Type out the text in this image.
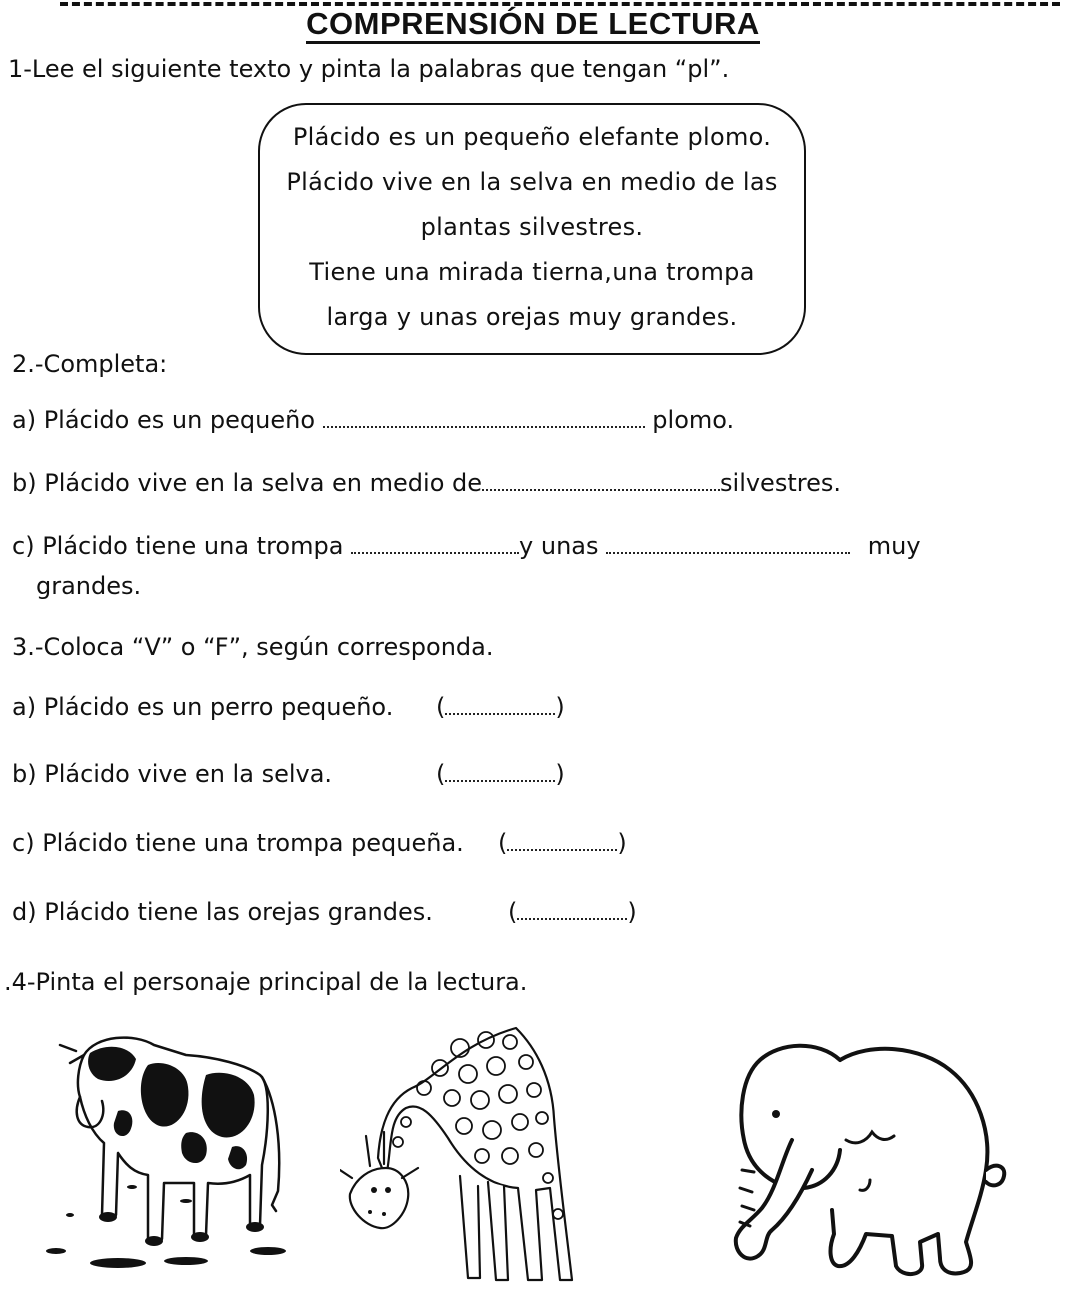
COMPRENSIÓN DE LECTURA
1-Lee el siguiente texto y pinta la palabras que tengan “pl”.
Plácido es un pequeño elefante plomo.
Plácido vive en la selva en medio de las
plantas silvestres.
Tiene una mirada tierna,una trompa
larga y unas orejas muy grandes.
2.-Completa:
a) Plácido es un pequeño	plomo.
b) Plácido vive en la selva en medio de	silvestres.
c) Plácido tiene una trompa	y unas	muy
grandes.
3.-Coloca “V” o “F”, según corresponda.
a) Plácido es un perro pequeño. (	)
b) Plácido vive en la selva.	(	)
c) Plácido tiene una trompa pequeña. (	)
d) Plácido tiene las orejas grandes.	(	)
.4-Pinta el personaje principal de la lectura.
